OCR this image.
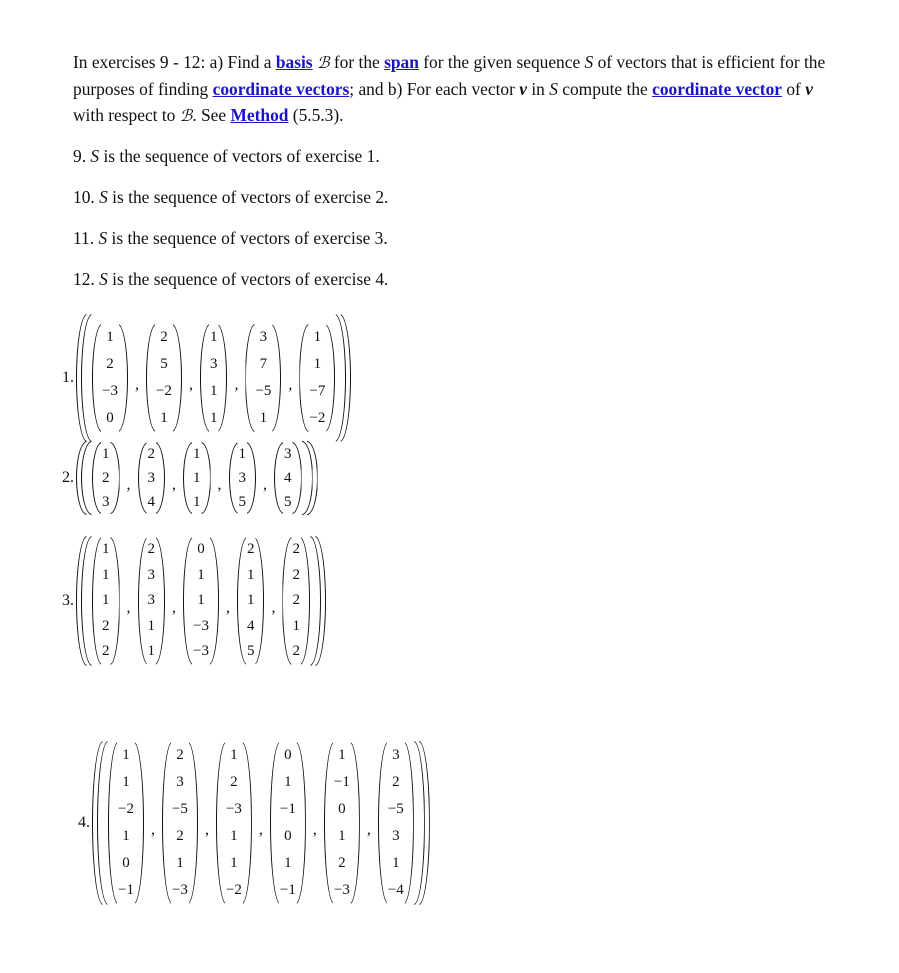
In exercises 9 - 12: a) Find a basis ℬ for the span for the given sequence S of vectors that is efficient for the purposes of finding coordinate vectors; and b) For each vector v in S compute the coordinate vector of v with respect to ℬ. See Method (5.5.3).
9. S is the sequence of vectors of exercise 1.
10. S is the sequence of vectors of exercise 2.
11. S is the sequence of vectors of exercise 3.
12. S is the sequence of vectors of exercise 4.
1.
1
2
−3
0
,
2
5
−2
1
,
1
3
1
1
,
3
7
−5
1
,
1
1
−7
−2
2.
1
2
3
,
2
3
4
,
1
1
1
,
1
3
5
,
3
4
5
3.
1
1
1
2
2
,
2
3
3
1
1
,
0
1
1
−3
−3
,
2
1
1
4
5
,
2
2
2
1
2
4.
1
1
−2
1
0
−1
,
2
3
−5
2
1
−3
,
1
2
−3
1
1
−2
,
0
1
−1
0
1
−1
,
1
−1
0
1
2
−3
,
3
2
−5
3
1
−4
